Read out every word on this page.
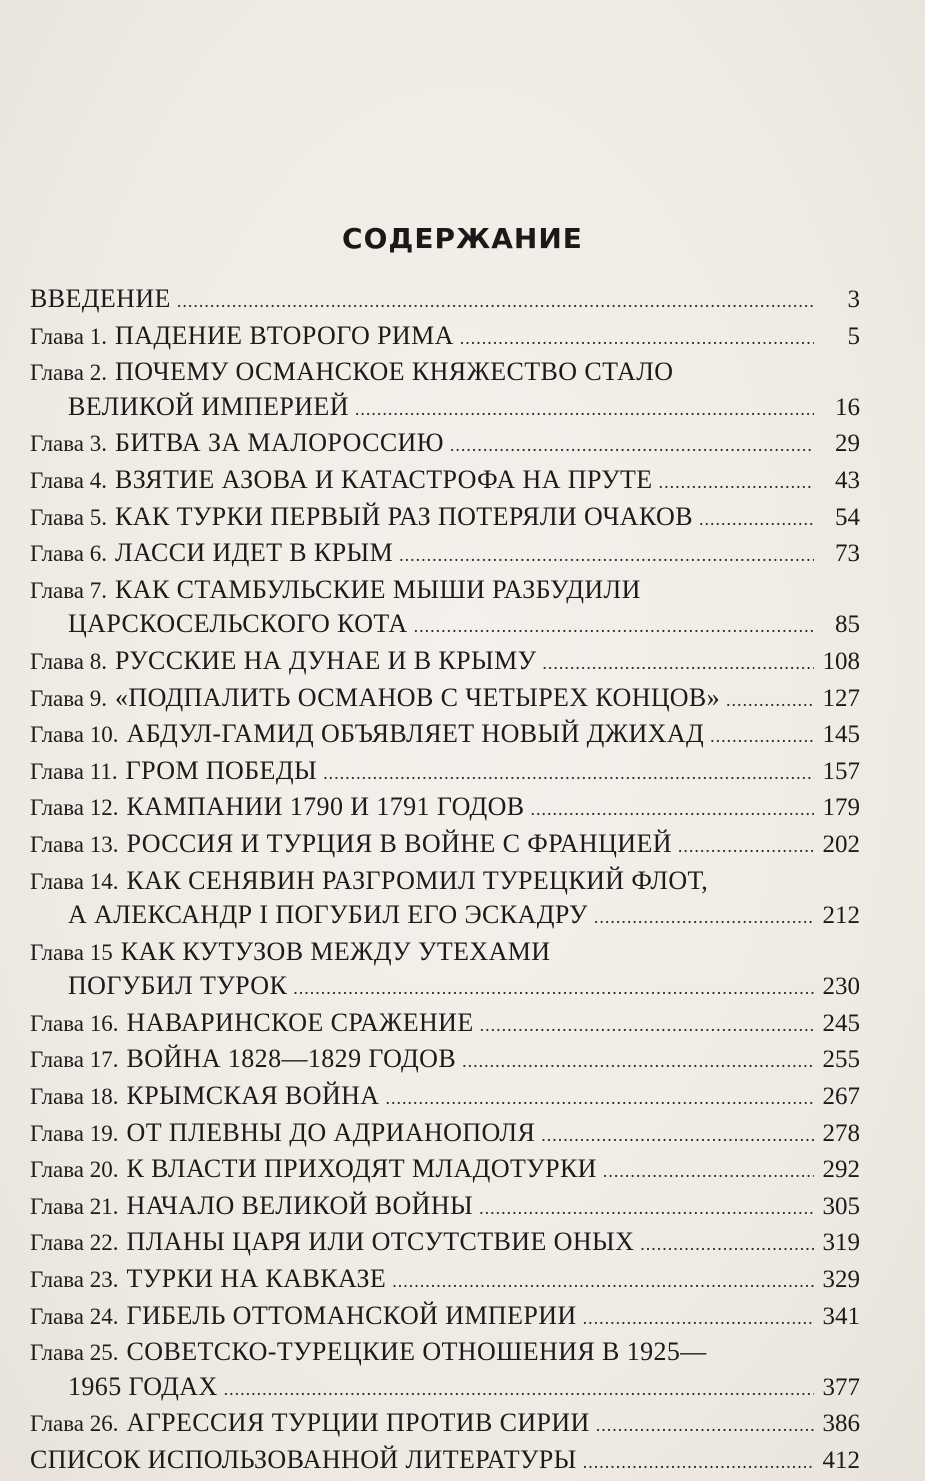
СОДЕРЖАНИЕ
ВВЕДЕНИЕ .....	3
Глава 1. ПАДЕНИЕ ВТОРОГО РИМА .....	5
Глава 2. ПОЧЕМУ ОСМАНСКОЕ КНЯЖЕСТВО СТАЛО
ВЕЛИКОЙ ИМПЕРИЕЙ .....	16
Глава 3. БИТВА ЗА МАЛОРОССИЮ .....	29
Глава 4. ВЗЯТИЕ АЗОВА И КАТАСТРОФА НА ПРУТЕ .....	43
Глава 5. КАК ТУРКИ ПЕРВЫЙ РАЗ ПОТЕРЯЛИ ОЧАКОВ .....	54
Глава 6. ЛАССИ ИДЕТ В КРЫМ .....	73
Глава 7. КАК СТАМБУЛЬСКИЕ МЫШИ РАЗБУДИЛИ
ЦАРСКОСЕЛЬСКОГО КОТА .....	85
Глава 8. РУССКИЕ НА ДУНАЕ И В КРЫМУ .....	108
Глава 9. «ПОДПАЛИТЬ ОСМАНОВ С ЧЕТЫРЕХ КОНЦОВ» .....	127
Глава 10. АБДУЛ-ГАМИД ОБЪЯВЛЯЕТ НОВЫЙ ДЖИХАД .....	145
Глава 11. ГРОМ ПОБЕДЫ .....	157
Глава 12. КАМПАНИИ 1790 И 1791 ГОДОВ .....	179
Глава 13. РОССИЯ И ТУРЦИЯ В ВОЙНЕ С ФРАНЦИЕЙ .....	202
Глава 14. КАК СЕНЯВИН РАЗГРОМИЛ ТУРЕЦКИЙ ФЛОТ,
А АЛЕКСАНДР I ПОГУБИЛ ЕГО ЭСКАДРУ .....	212
Глава 15 КАК КУТУЗОВ МЕЖДУ УТЕХАМИ
ПОГУБИЛ ТУРОК .....	230
Глава 16. НАВАРИНСКОЕ СРАЖЕНИЕ .....	245
Глава 17. ВОЙНА 1828—1829 ГОДОВ .....	255
Глава 18. КРЫМСКАЯ ВОЙНА .....	267
Глава 19. ОТ ПЛЕВНЫ ДО АДРИАНОПОЛЯ .....	278
Глава 20. К ВЛАСТИ ПРИХОДЯТ МЛАДОТУРКИ .....	292
Глава 21. НАЧАЛО ВЕЛИКОЙ ВОЙНЫ .....	305
Глава 22. ПЛАНЫ ЦАРЯ ИЛИ ОТСУТСТВИЕ ОНЫХ .....	319
Глава 23. ТУРКИ НА КАВКАЗЕ .....	329
Глава 24. ГИБЕЛЬ ОТТОМАНСКОЙ ИМПЕРИИ .....	341
Глава 25. СОВЕТСКО-ТУРЕЦКИЕ ОТНОШЕНИЯ В 1925—
1965 ГОДАХ .....	377
Глава 26. АГРЕССИЯ ТУРЦИИ ПРОТИВ СИРИИ .....	386
СПИСОК ИСПОЛЬЗОВАННОЙ ЛИТЕРАТУРЫ .....	412
